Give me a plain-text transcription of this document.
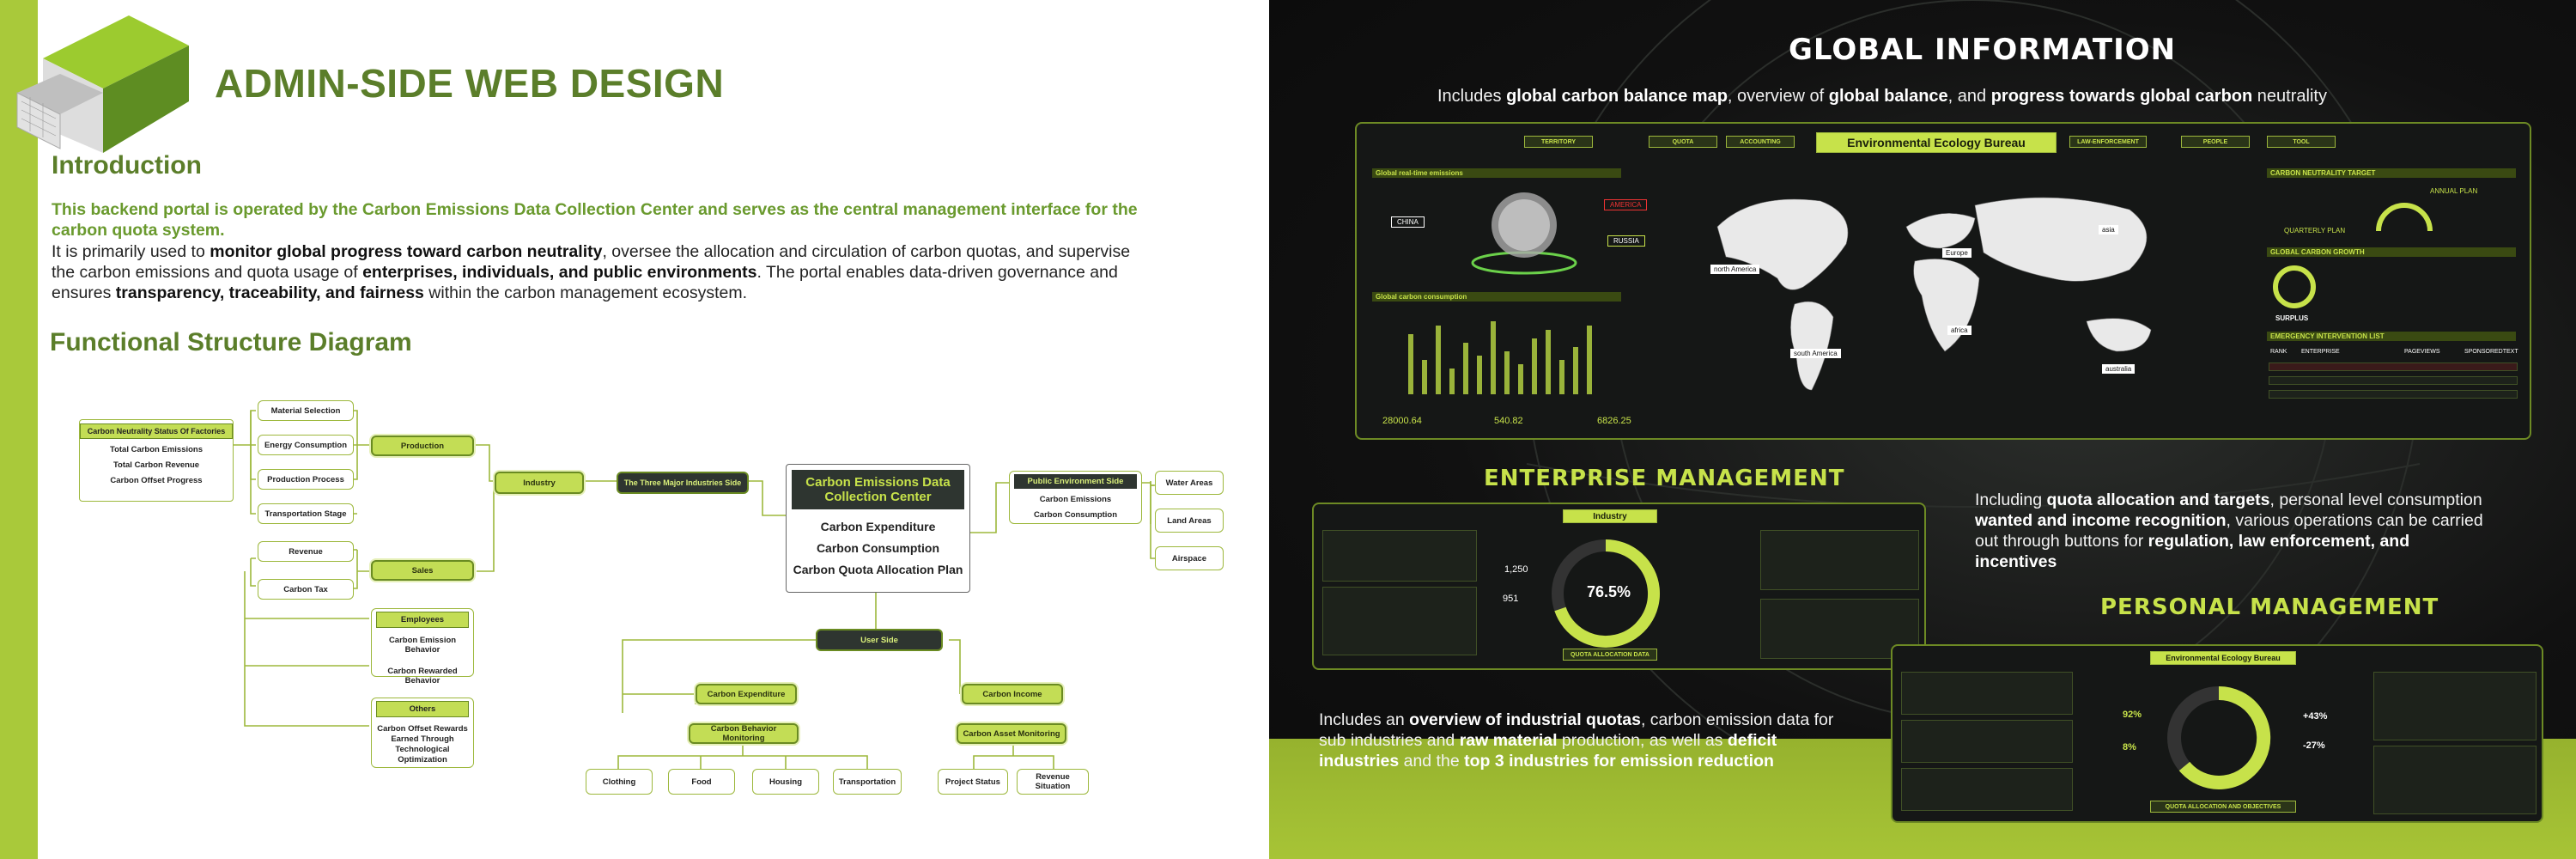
ADMIN-SIDE WEB DESIGN
Introduction
This backend portal is operated by the Carbon Emissions Data Collection Center and serves as the central management interface for the carbon quota system.
It is primarily used to monitor global progress toward carbon neutrality, oversee the allocation and circulation of carbon quotas, and supervise the carbon emissions and quota usage of enterprises, individuals, and public environments. The portal enables data-driven governance and ensures transparency, traceability, and fairness within the carbon management ecosystem.
Functional Structure Diagram
Carbon Neutrality Status Of Factories
Total Carbon Emissions
Total Carbon Revenue
Carbon Offset Progress
Material Selection
Energy Consumption
Production Process
Transportation Stage
Revenue
Carbon Tax
Production
Sales
Employees
Carbon Emission Behavior
Carbon Rewarded Behavior
Others
Carbon Offset Rewards Earned Through Technological Optimization
Industry	The Three Major Industries Side	Carbon Emissions Data Collection Center
Carbon Expenditure
Carbon Consumption
Carbon Quota Allocation Plan
Public Environment Side
Carbon Emissions
Carbon Consumption
Water Areas
Land Areas
Airspace
User Side
Carbon Expenditure	Carbon Income
Carbon Behavior Monitoring	Carbon Asset Monitoring
Clothing	Food	Housing	Transportation	Project Status	Revenue Situation
GLOBAL INFORMATION
Includes global carbon balance map, overview of global balance, and progress towards global carbon neutrality
TERRITORY	QUOTA	ACCOUNTING	Environmental Ecology Bureau	LAW-ENFORCEMENT	PEOPLE	TOOL
Global real-time emissions
CHINA
AMERICA
RUSSIA
Global carbon consumption
28000.64	540.82	6826.25
north America
Europe
asia
africa
south America
australia
CARBON NEUTRALITY TARGET
ANNUAL PLAN
QUARTERLY PLAN
GLOBAL CARBON GROWTH
SURPLUS
EMERGENCY INTERVENTION LIST
RANK ENTERPRISE	PAGEVIEWS	SPONSOREDTEXT
ENTERPRISE MANAGEMENT
Industry
76.5%
1,250
951
QUOTA ALLOCATION DATA
Includes an overview of industrial quotas, carbon emission data for sub industries and raw material production, as well as deficit industries and the top 3 industries for emission reduction
Including quota allocation and targets, personal level consumption wanted and income recognition, various operations can be carried out through buttons for regulation, law enforcement, and incentives
PERSONAL MANAGEMENT
Environmental Ecology Bureau
92%
8%
+43%
-27%
QUOTA ALLOCATION AND OBJECTIVES
